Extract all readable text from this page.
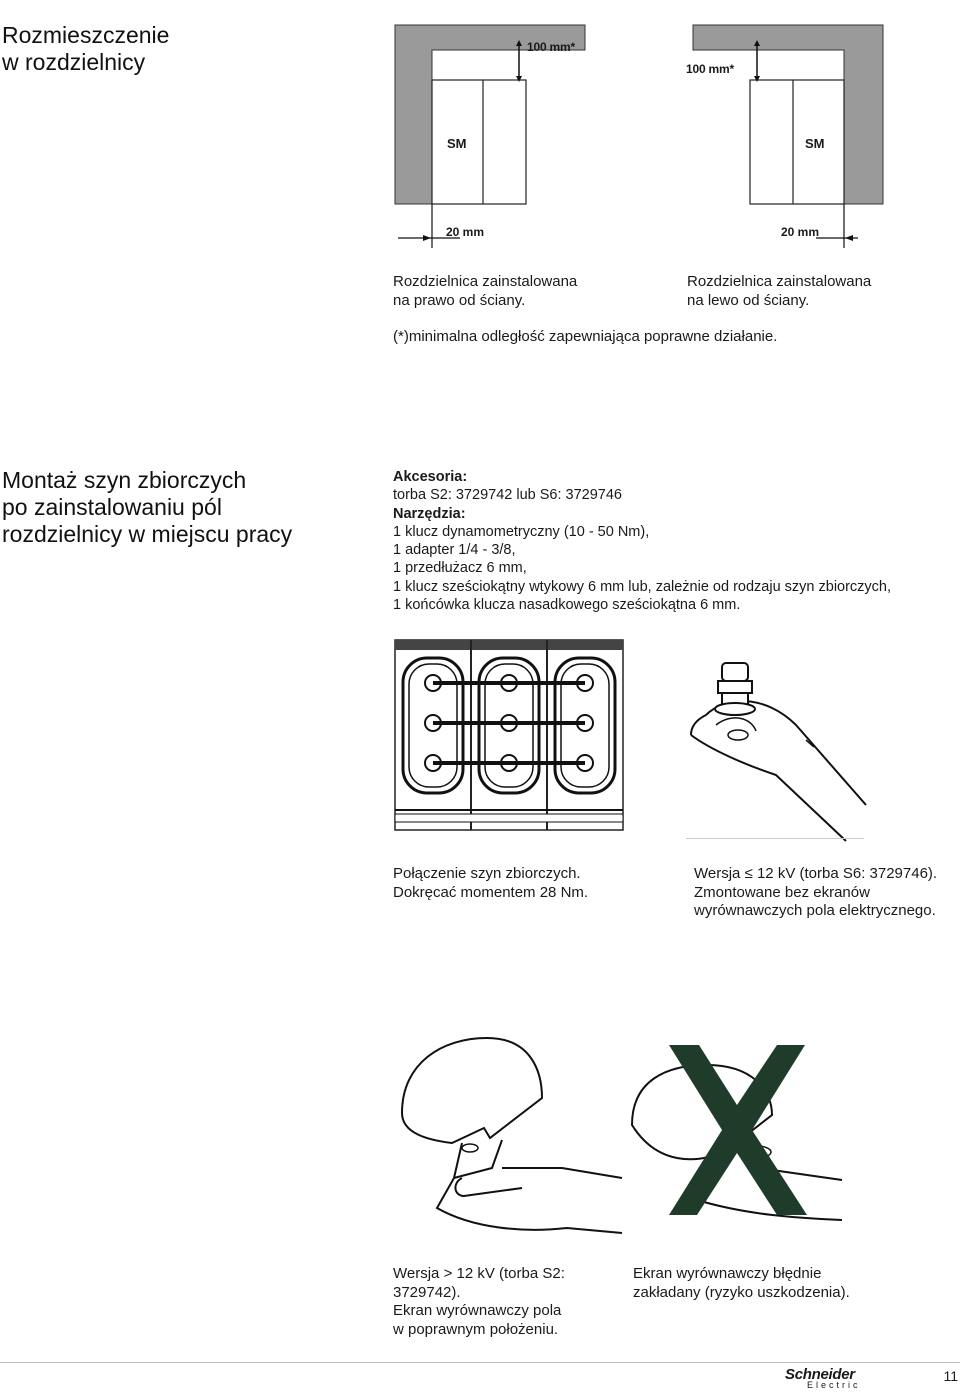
Rozmieszczenie
w rozdzielnicy
100 mm*
SM
20 mm
100 mm*
SM
20 mm
Rozdzielnica zainstalowana
na prawo od ściany.
Rozdzielnica zainstalowana
na lewo od ściany.
(*)minimalna odległość zapewniająca poprawne działanie.
Montaż szyn zbiorczych
po zainstalowaniu pól
rozdzielnicy w miejscu pracy
Akcesoria:
torba S2: 3729742 lub S6: 3729746
Narzędzia:
1 klucz dynamometryczny (10 - 50 Nm),
1 adapter 1/4 - 3/8,
1 przedłużacz 6 mm,
1 klucz sześciokątny wtykowy 6 mm lub, zależnie od rodzaju szyn zbiorczych,
1 końcówka klucza nasadkowego sześciokątna 6 mm.
Połączenie szyn zbiorczych.
Dokręcać momentem 28 Nm.
Wersja ≤ 12 kV (torba S6: 3729746).
Zmontowane bez ekranów
wyrównawczych pola elektrycznego.
Wersja > 12 kV (torba S2:
3729742).
Ekran wyrównawczy pola
w poprawnym położeniu.
Ekran wyrównawczy błędnie
zakładany (ryzyko uszkodzenia).
Schneider
Electric
11
